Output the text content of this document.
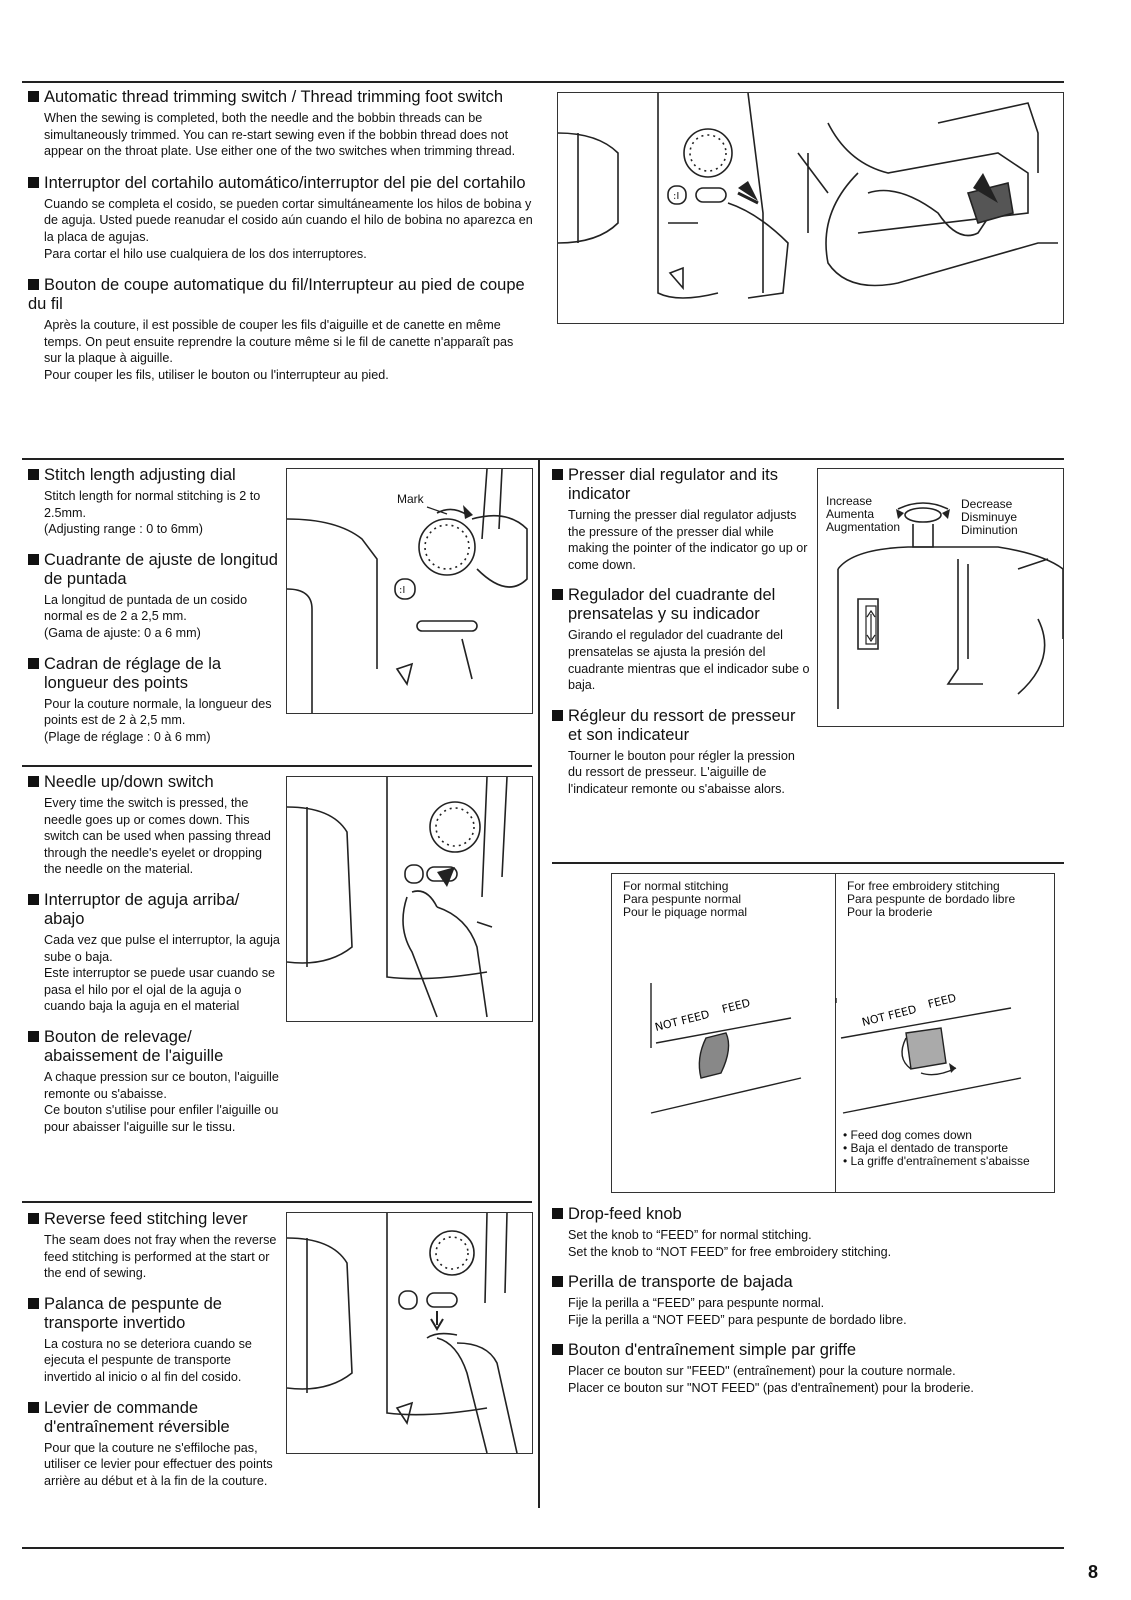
Automatic thread trimming switch / Thread trimming foot switch
When the sewing is completed, both the needle and the bobbin threads can be simultaneously trimmed. You can re-start sewing even if the bobbin thread does not appear on the throat plate. Use either one of the two switches when trimming thread.
Interruptor del cortahilo automático/interruptor del pie del cortahilo
Cuando se completa el cosido, se pueden cortar simultáneamente los hilos de bobina y de aguja. Usted puede reanudar el cosido aún cuando el hilo de bobina no aparezca en la placa de agujas.
Para cortar el hilo use cualquiera de los dos interruptores.
Bouton de coupe automatique du fil/Interrupteur au pied de coupe du fil
Après la couture, il est possible de couper les fils d'aiguille et de canette en même temps. On peut ensuite reprendre la couture même si le fil de canette n'apparaît pas sur la plaque à aiguille.
Pour couper les fils, utiliser le bouton ou l'interrupteur au pied.
:I
Stitch length adjusting dial
Stitch length for normal stitching is 2 to 2.5mm.
(Adjusting range : 0 to 6mm)
Cuadrante de ajuste de longitud de puntada
La longitud de puntada de un cosido normal es de 2 a 2,5 mm.
(Gama de ajuste: 0 a 6 mm)
Cadran de réglage de la longueur des points
Pour la couture normale, la longueur des points est de 2 à 2,5 mm.
(Plage de réglage : 0 à 6 mm)
:I
Mark
Needle up/down switch
Every time the switch is pressed, the needle goes up or comes down. This switch can be used when passing thread through the needle's eyelet or dropping the needle on the material.
Interruptor de aguja arriba/ abajo
Cada vez que pulse el interruptor, la aguja sube o baja.
Este interruptor se puede usar cuando se pasa el hilo por el ojal de la aguja o cuando baja la aguja en el material
Bouton de relevage/ abaissement de l'aiguille
A chaque pression sur ce bouton, l'aiguille remonte ou s'abaisse.
Ce bouton s'utilise pour enfiler l'aiguille ou pour abaisser l'aiguille sur le tissu.
Reverse feed stitching lever
The seam does not fray when the reverse feed stitching is performed at the start or the end of sewing.
Palanca de pespunte de transporte invertido
La costura no se deteriora cuando se ejecuta el pespunte de transporte invertido al inicio o al fin del cosido.
Levier de commande d'entraînement réversible
Pour que la couture ne s'effiloche pas, utiliser ce levier pour effectuer des points arrière au début et à la fin de la couture.
Presser dial regulator and its indicator
Turning the presser dial regulator adjusts the pressure of the presser dial while making the pointer of the indicator go up or come down.
Regulador del cuadrante del prensatelas y su indicador
Girando el regulador del cuadrante del prensatelas se ajusta la presión del cuadrante mientras que el indicador sube o baja.
Régleur du ressort de presseur et son indicateur
Tourner le bouton pour régler la pression du ressort de presseur. L'aiguille de l'indicateur remonte ou s'abaisse alors.
Increase
Aumenta
Augmentation
Decrease
Disminuye
Diminution
For normal stitching
Para pespunte normal
Pour le piquage normal
For free embroidery stitching
Para pespunte de bordado libre
Pour la broderie
NOT FEED
FEED	NOT FEED
FEED
• Feed dog comes down
• Baja el dentado de transporte
• La griffe d'entraînement s'abaisse
Drop-feed knob
Set the knob to “FEED” for normal stitching.
Set the knob to “NOT FEED” for free embroidery stitching.
Perilla de transporte de bajada
Fije la perilla a “FEED” para pespunte normal.
Fije la perilla a “NOT FEED” para pespunte de bordado libre.
Bouton d'entraînement simple par griffe
Placer ce bouton sur "FEED" (entraînement) pour la couture normale.
Placer ce bouton sur "NOT FEED" (pas d'entraînement) pour la broderie.
8
